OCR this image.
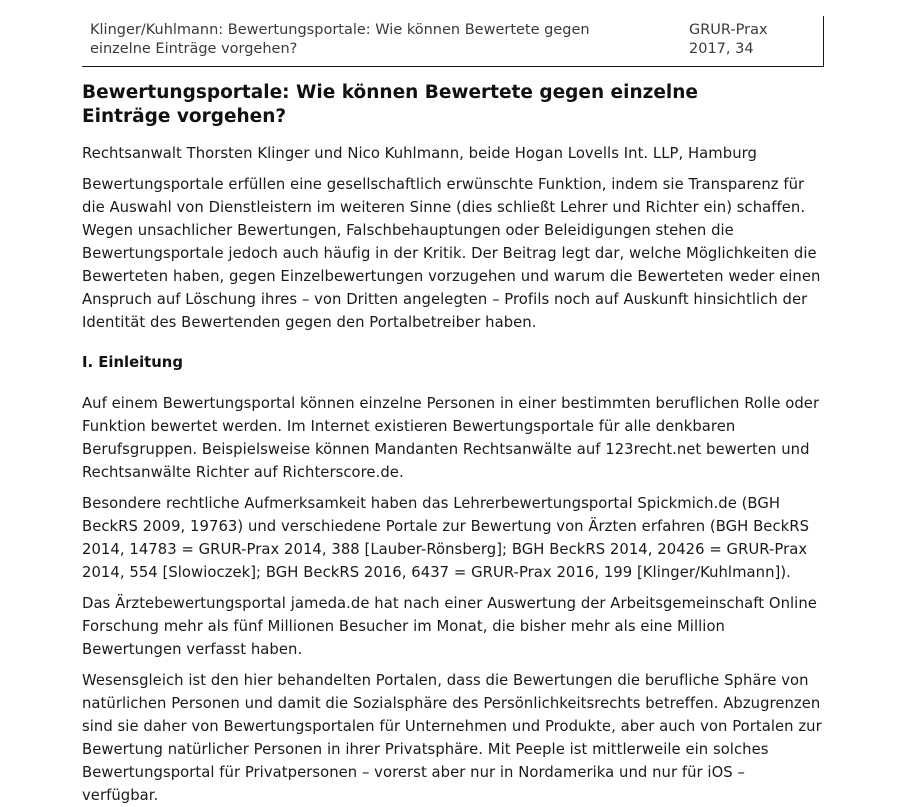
Klinger/Kuhlmann: Bewertungsportale: Wie können Bewertete gegen einzelne Einträge vorgehen?
GRUR-Prax
2017, 34
Bewertungsportale: Wie können Bewertete gegen einzelne Einträge vorgehen?

Rechtsanwalt Thorsten Klinger und Nico Kuhlmann, beide Hogan Lovells Int. LLP, Hamburg

Bewertungsportale erfüllen eine gesellschaftlich erwünschte Funktion, indem sie Transparenz für die Auswahl von Dienstleistern im weiteren Sinne (dies schließt Lehrer und Richter ein) schaffen. Wegen unsachlicher Bewertungen, Falschbehauptungen oder Beleidigungen stehen die Bewertungsportale jedoch auch häufig in der Kritik. Der Beitrag legt dar, welche Möglichkeiten die Bewerteten haben, gegen Einzelbewertungen vorzugehen und warum die Bewerteten weder einen Anspruch auf Löschung ihres – von Dritten angelegten – Profils noch auf Auskunft hinsichtlich der Identität des Bewertenden gegen den Portalbetreiber haben.

I. Einleitung

Auf einem Bewertungsportal können einzelne Personen in einer bestimmten beruflichen Rolle oder Funktion bewertet werden. Im Internet existieren Bewertungsportale für alle denkbaren Berufsgruppen. Beispielsweise können Mandanten Rechtsanwälte auf 123recht.net bewerten und Rechtsanwälte Richter auf Richterscore.de.

Besondere rechtliche Aufmerksamkeit haben das Lehrerbewertungsportal Spickmich.de (BGH BeckRS 2009, 19763) und verschiedene Portale zur Bewertung von Ärzten erfahren (BGH BeckRS 2014, 14783 = GRUR-Prax 2014, 388 [Lauber-Rönsberg]; BGH BeckRS 2014, 20426 = GRUR-Prax 2014, 554 [Slowioczek]; BGH BeckRS 2016, 6437 = GRUR-Prax 2016, 199 [Klinger/Kuhlmann]).

Das Ärztebewertungsportal jameda.de hat nach einer Auswertung der Arbeitsgemeinschaft Online Forschung mehr als fünf Millionen Besucher im Monat, die bisher mehr als eine Million Bewertungen verfasst haben.

Wesensgleich ist den hier behandelten Portalen, dass die Bewertungen die berufliche Sphäre von natürlichen Personen und damit die Sozialsphäre des Persönlichkeitsrechts betreffen. Abzugrenzen sind sie daher von Bewertungsportalen für Unternehmen und Produkte, aber auch von Portalen zur Bewertung natürlicher Personen in ihrer Privatsphäre. Mit Peeple ist mittlerweile ein solches Bewertungsportal für Privatpersonen – vorerst aber nur in Nordamerika und nur für iOS – verfügbar.
